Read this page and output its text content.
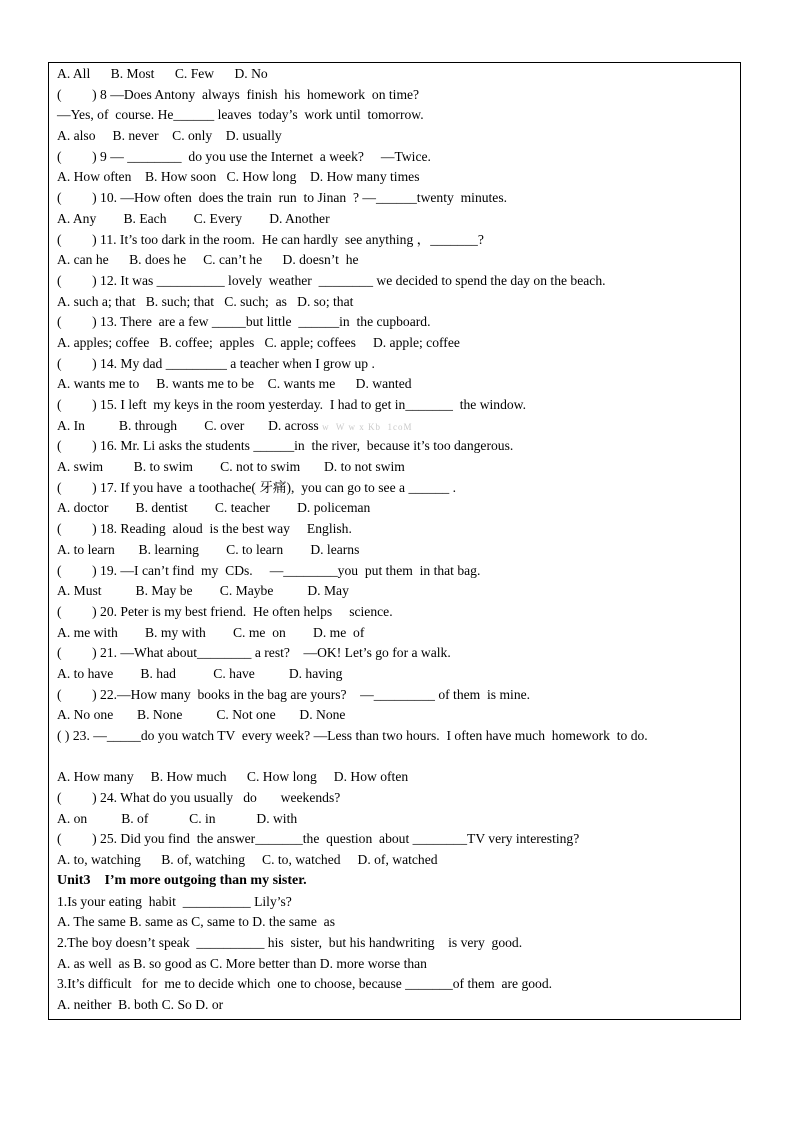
A. All      B. Most      C. Few      D. No
(         ) 8 —Does Antony  always  finish  his  homework  on time?
—Yes, of  course. He______ leaves  today’s  work until  tomorrow.
A. also     B. never    C. only    D. usually
(         ) 9 — ________  do you use the Internet  a week?     —Twice.
A. How often    B. How soon   C. How long    D. How many times
(         ) 10. —How often  does the train  run  to Jinan  ? —______twenty  minutes.
A. Any        B. Each        C. Every        D. Another
(         ) 11. It’s too dark in the room.  He can hardly  see anything ，_______?
A. can he      B. does he     C. can’t he      D. doesn’t  he
(         ) 12. It was __________ lovely  weather  ________ we decided to spend the day on the beach.
A. such a; that   B. such; that   C. such;  as   D. so; that
(         ) 13. There  are a few _____but little  ______in  the cupboard.
A. apples; coffee   B. coffee;  apples   C. apple; coffees     D. apple; coffee
(         ) 14. My dad _________ a teacher when I grow up .
A. wants me to     B. wants me to be    C. wants me      D. wanted
(         ) 15. I left  my keys in the room yesterday.  I had to get in_______  the window.
A. In          B. through        C. over       D. across w  W w x Kb  1coM
(         ) 16. Mr. Li asks the students ______in  the river,  because it’s too dangerous.
A. swim         B. to swim        C. not to swim       D. to not swim
(         ) 17. If you have  a toothache( 牙痛),  you can go to see a ______ .
A. doctor        B. dentist        C. teacher        D. policeman
(         ) 18. Reading  aloud  is the best way     English.
A. to learn       B. learning        C. to learn        D. learns
(         ) 19. —I can’t find  my  CDs.     —________you  put them  in that bag.
A. Must          B. May be        C. Maybe          D. May
(         ) 20. Peter is my best friend.  He often helps     science.
A. me with        B. my with        C. me  on        D. me  of
(         ) 21. —What about________ a rest?    —OK! Let’s go for a walk.
A. to have        B. had           C. have          D. having
(         ) 22.—How many  books in the bag are yours?    —_________ of them  is mine.
A. No one       B. None          C. Not one       D. None
( ) 23. —_____do you watch TV  every week? —Less than two hours.  I often have much  homework  to do.
A. How many     B. How much      C. How long     D. How often
(         ) 24. What do you usually   do       weekends?
A. on          B. of            C. in            D. with
(         ) 25. Did you find  the answer_______the  question  about ________TV very interesting?
A. to, watching      B. of, watching     C. to, watched     D. of, watched
Unit3    I’m more outgoing than my sister.
1.Is your eating  habit  __________ Lily’s?
A. The same B. same as C, same to D. the same  as
2.The boy doesn’t speak  __________ his  sister,  but his handwriting    is very  good.
A. as well  as B. so good as C. More better than D. more worse than
3.It’s difficult   for  me to decide which  one to choose, because _______of them  are good.
A. neither  B. both C. So D. or
